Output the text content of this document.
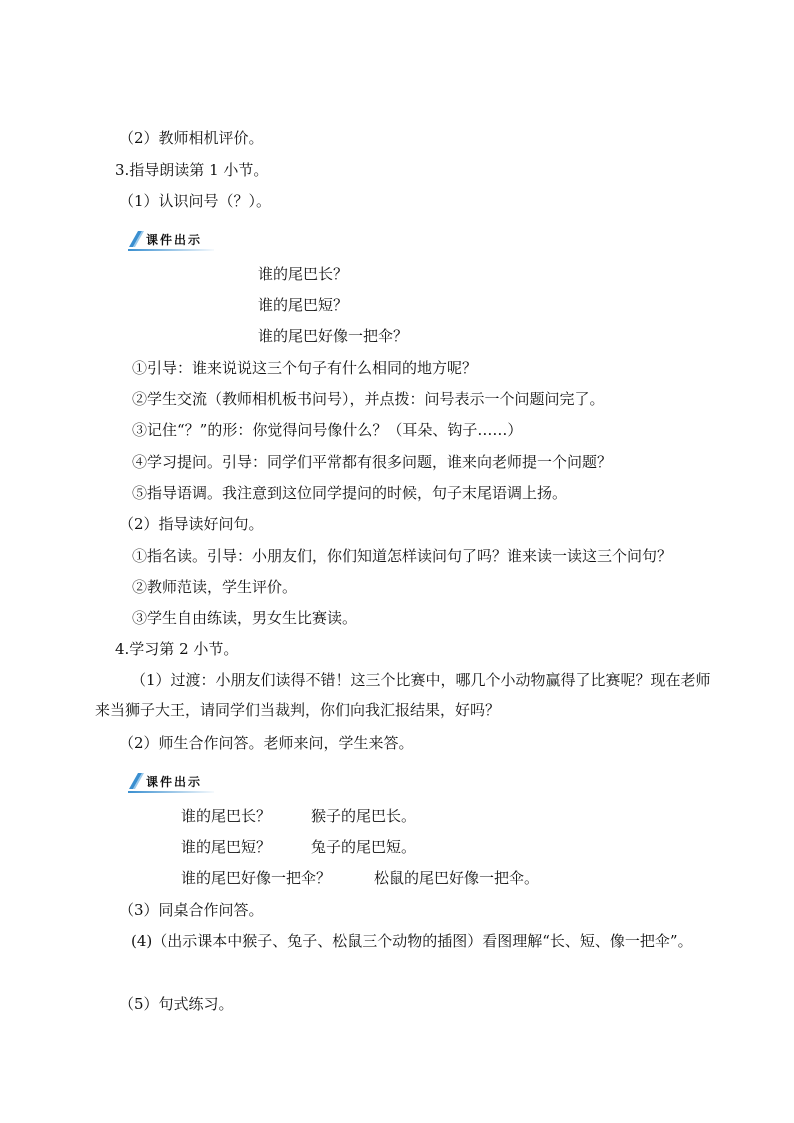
（2）教师相机评价。
3.指导朗读第 1 小节。
（1）认识问号（？）。
课件出示
谁的尾巴长？
谁的尾巴短？
谁的尾巴好像一把伞？
①引导：谁来说说这三个句子有什么相同的地方呢？
②学生交流（教师相机板书问号），并点拨：问号表示一个问题问完了。
③记住“？”的形：你觉得问号像什么？（耳朵、钩子……）
④学习提问。引导：同学们平常都有很多问题，谁来向老师提一个问题？
⑤指导语调。我注意到这位同学提问的时候，句子末尾语调上扬。
（2）指导读好问句。
①指名读。引导：小朋友们，你们知道怎样读问句了吗？谁来读一读这三个问句？
②教师范读，学生评价。
③学生自由练读，男女生比赛读。
4.学习第 2 小节。
（1）过渡：小朋友们读得不错！这三个比赛中，哪几个小动物赢得了比赛呢？现在老师来当狮子大王，请同学们当裁判，你们向我汇报结果，好吗？
（2）师生合作问答。老师来问，学生来答。
课件出示
谁的尾巴长？	猴子的尾巴长。
谁的尾巴短？	兔子的尾巴短。
谁的尾巴好像一把伞？	松鼠的尾巴好像一把伞。
（3）同桌合作问答。
(4)（出示课本中猴子、兔子、松鼠三个动物的插图）看图理解“长、短、像一把伞”。
（5）句式练习。
